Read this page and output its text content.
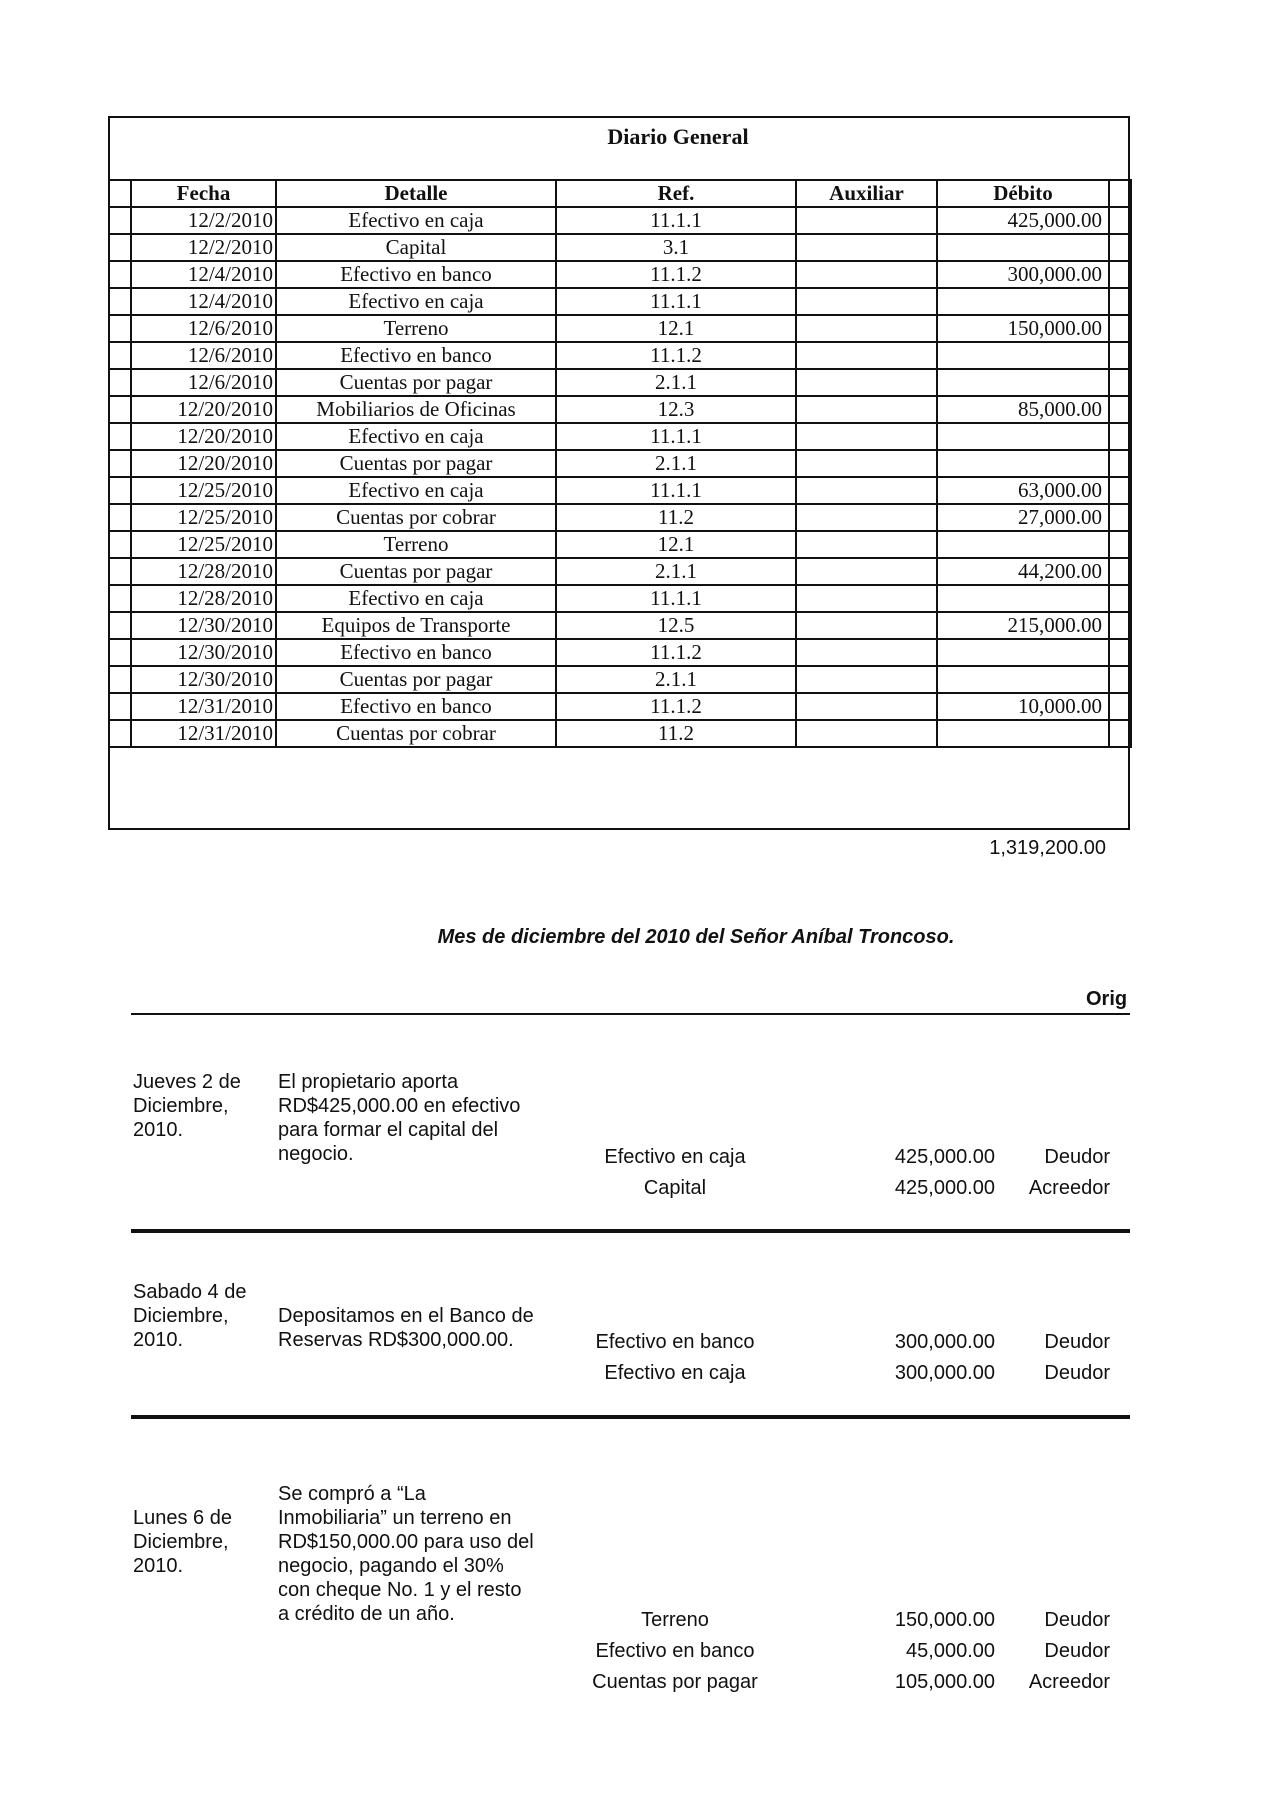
Diario General
	Fecha	Detalle	Ref.	Auxiliar	Débito	
	12/2/2010	Efectivo en caja	11.1.1		425,000.00	
	12/2/2010	Capital	3.1			
	12/4/2010	Efectivo en banco	11.1.2		300,000.00	
	12/4/2010	Efectivo en caja	11.1.1			
	12/6/2010	Terreno	12.1		150,000.00	
	12/6/2010	Efectivo en banco	11.1.2			
	12/6/2010	Cuentas por pagar	2.1.1			
	12/20/2010	Mobiliarios de Oficinas	12.3		85,000.00	
	12/20/2010	Efectivo en caja	11.1.1			
	12/20/2010	Cuentas por pagar	2.1.1			
	12/25/2010	Efectivo en caja	11.1.1		63,000.00	
	12/25/2010	Cuentas por cobrar	11.2		27,000.00	
	12/25/2010	Terreno	12.1			
	12/28/2010	Cuentas por pagar	2.1.1		44,200.00	
	12/28/2010	Efectivo en caja	11.1.1			
	12/30/2010	Equipos de Transporte	12.5		215,000.00	
	12/30/2010	Efectivo en banco	11.1.2			
	12/30/2010	Cuentas por pagar	2.1.1			
	12/31/2010	Efectivo en banco	11.1.2		10,000.00	
	12/31/2010	Cuentas por cobrar	11.2			
1,319,200.00
Mes de diciembre del 2010 del Señor Aníbal Troncoso.
Orig
Jueves 2 de
Diciembre,
2010.
El propietario aporta
RD$425,000.00 en efectivo
para formar el capital del
negocio.	Efectivo en caja	425,000.00	Deudor
Capital	425,000.00	Acreedor
Sabado 4 de
Diciembre,
2010.
Depositamos en el Banco de
Reservas RD$300,000.00.	Efectivo en banco	300,000.00	Deudor
Efectivo en caja	300,000.00	Deudor
Lunes 6 de
Diciembre,
2010.
Se compró a “La
Inmobiliaria” un terreno en
RD$150,000.00 para uso del
negocio, pagando el 30%
con cheque No. 1 y el resto
a crédito de un año.	Terreno	150,000.00	Deudor
Efectivo en banco	45,000.00	Deudor
Cuentas por pagar	105,000.00	Acreedor
